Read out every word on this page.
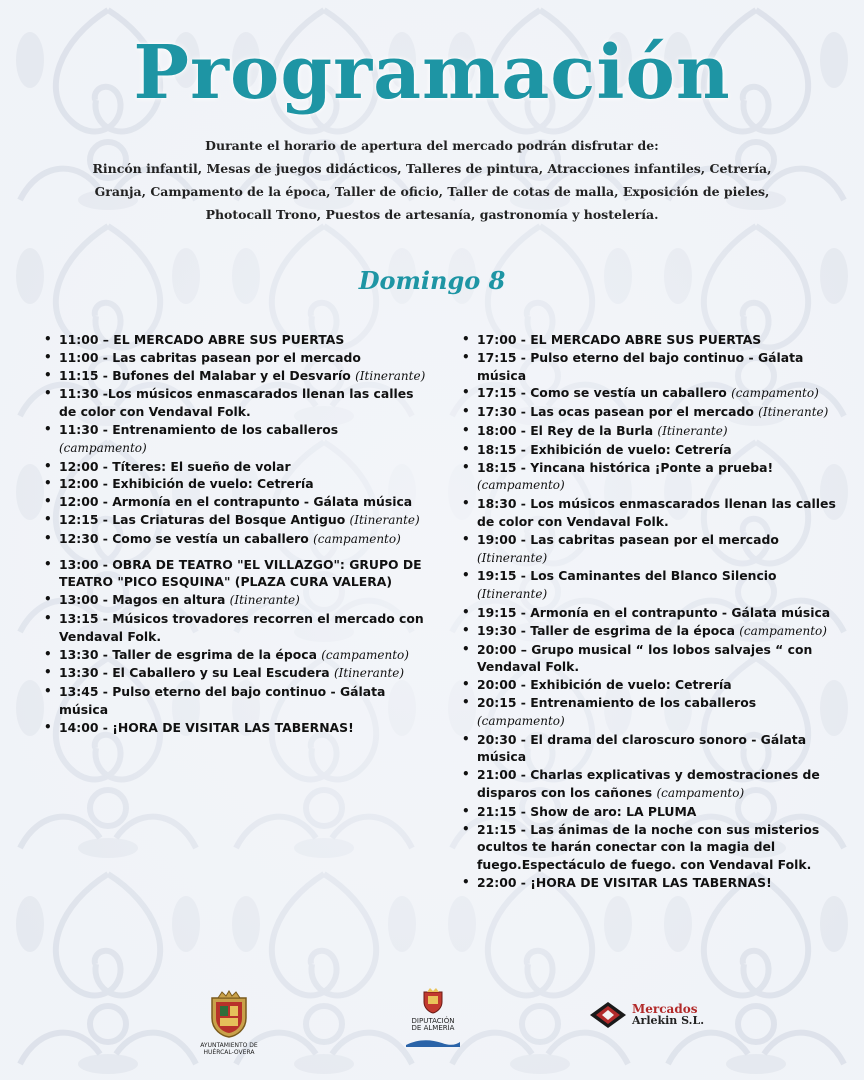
Programación
Durante el horario de apertura del mercado podrán disfrutar de:
Rincón infantil, Mesas de juegos didácticos, Talleres de pintura, Atracciones infantiles, Cetrería,
Granja, Campamento de la época, Taller de oficio, Taller de cotas de malla, Exposición de pieles,
Photocall Trono, Puestos de artesanía, gastronomía y hostelería.
Domingo 8
• 11:00 – EL MERCADO ABRE SUS PUERTAS
• 11:00 - Las cabritas pasean por el mercado
• 11:15 - Bufones del Malabar y el Desvarío (Itinerante)
• 11:30 -Los músicos enmascarados llenan las calles de color con Vendaval Folk.
• 11:30 - Entrenamiento de los caballeros (campamento)
• 12:00 - Títeres: El sueño de volar
• 12:00 - Exhibición de vuelo: Cetrería
• 12:00 - Armonía en el contrapunto - Gálata música
• 12:15 - Las Criaturas del Bosque Antiguo (Itinerante)
• 12:30 - Como se vestía un caballero (campamento)
• 13:00 - OBRA DE TEATRO "EL VILLAZGO": GRUPO DE TEATRO "PICO ESQUINA" (PLAZA CURA VALERA)
• 13:00 - Magos en altura (Itinerante)
• 13:15 - Músicos trovadores recorren el mercado con Vendaval Folk.
• 13:30 - Taller de esgrima de la época (campamento)
• 13:30 - El Caballero y su Leal Escudera (Itinerante)
• 13:45 - Pulso eterno del bajo continuo - Gálata música
• 14:00 - ¡HORA DE VISITAR LAS TABERNAS!
• 17:00 - EL MERCADO ABRE SUS PUERTAS
• 17:15 - Pulso eterno del bajo continuo - Gálata música
• 17:15 - Como se vestía un caballero (campamento)
• 17:30 - Las ocas pasean por el mercado (Itinerante)
• 18:00 - El Rey de la Burla (Itinerante)
• 18:15 - Exhibición de vuelo: Cetrería
• 18:15 - Yincana histórica ¡Ponte a prueba! (campamento)
• 18:30 - Los músicos enmascarados llenan las calles de color con Vendaval Folk.
• 19:00 - Las cabritas pasean por el mercado (Itinerante)
• 19:15 - Los Caminantes del Blanco Silencio (Itinerante)
• 19:15 - Armonía en el contrapunto - Gálata música
• 19:30 - Taller de esgrima de la época (campamento)
• 20:00 – Grupo musical “ los lobos salvajes “ con Vendaval Folk.
• 20:00 - Exhibición de vuelo: Cetrería
• 20:15 - Entrenamiento de los caballeros (campamento)
• 20:30 - El drama del claroscuro sonoro - Gálata música
• 21:00 - Charlas explicativas y demostraciones de disparos con los cañones (campamento)
• 21:15 - Show de aro: LA PLUMA
• 21:15 - Las ánimas de la noche con sus misterios ocultos te harán conectar con la magia del fuego.Espectáculo de fuego. con Vendaval Folk.
• 22:00 - ¡HORA DE VISITAR LAS TABERNAS!
AYUNTAMIENTO DE
HUÉRCAL-OVERA
DIPUTACIÓN
DE ALMERÍA
Mercados
Arlekin S.L.
